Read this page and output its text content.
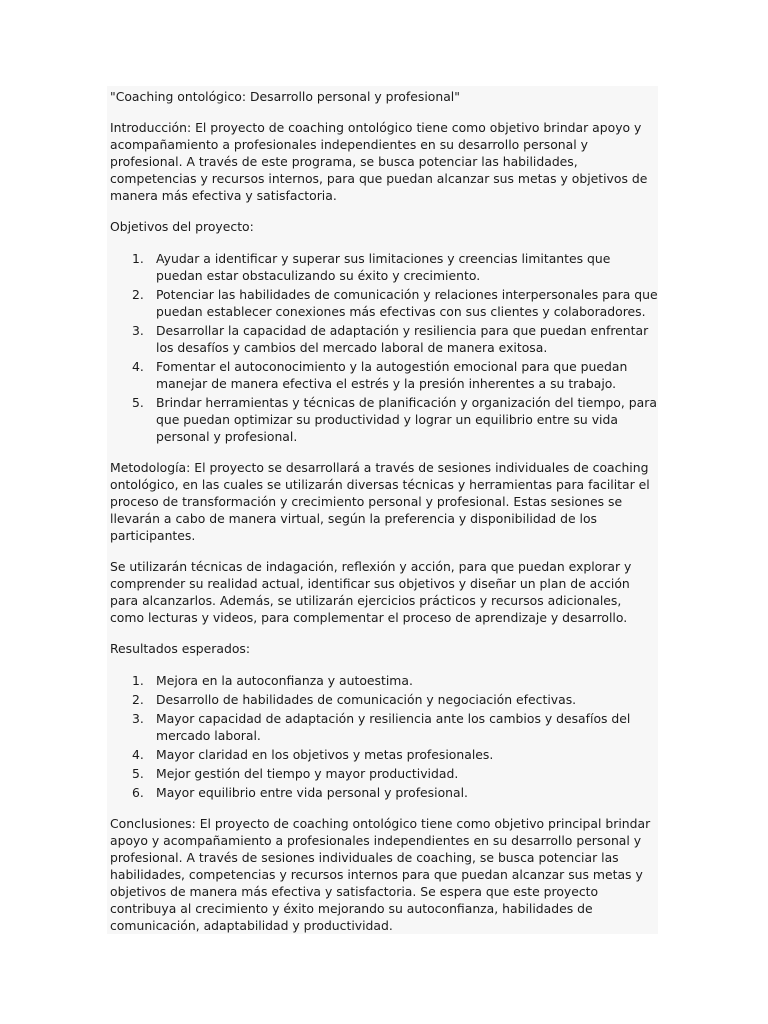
"Coaching ontológico: Desarrollo personal y profesional"

Introducción: El proyecto de coaching ontológico tiene como objetivo brindar apoyo y acompañamiento a profesionales independientes en su desarrollo personal y profesional. A través de este programa, se busca potenciar las habilidades, competencias y recursos internos, para que puedan alcanzar sus metas y objetivos de manera más efectiva y satisfactoria.

Objetivos del proyecto:

1. Ayudar a identificar y superar sus limitaciones y creencias limitantes que puedan estar obstaculizando su éxito y crecimiento.
2. Potenciar las habilidades de comunicación y relaciones interpersonales para que puedan establecer conexiones más efectivas con sus clientes y colaboradores.
3. Desarrollar la capacidad de adaptación y resiliencia para que puedan enfrentar los desafíos y cambios del mercado laboral de manera exitosa.
4. Fomentar el autoconocimiento y la autogestión emocional para que puedan manejar de manera efectiva el estrés y la presión inherentes a su trabajo.
5. Brindar herramientas y técnicas de planificación y organización del tiempo, para que puedan optimizar su productividad y lograr un equilibrio entre su vida personal y profesional.

Metodología: El proyecto se desarrollará a través de sesiones individuales de coaching ontológico, en las cuales se utilizarán diversas técnicas y herramientas para facilitar el proceso de transformación y crecimiento personal y profesional. Estas sesiones se llevarán a cabo de manera virtual, según la preferencia y disponibilidad de los participantes.

Se utilizarán técnicas de indagación, reflexión y acción, para que puedan explorar y comprender su realidad actual, identificar sus objetivos y diseñar un plan de acción para alcanzarlos. Además, se utilizarán ejercicios prácticos y recursos adicionales, como lecturas y videos, para complementar el proceso de aprendizaje y desarrollo.

Resultados esperados:

1. Mejora en la autoconfianza y autoestima.
2. Desarrollo de habilidades de comunicación y negociación efectivas.
3. Mayor capacidad de adaptación y resiliencia ante los cambios y desafíos del mercado laboral.
4. Mayor claridad en los objetivos y metas profesionales.
5. Mejor gestión del tiempo y mayor productividad.
6. Mayor equilibrio entre vida personal y profesional.

Conclusiones: El proyecto de coaching ontológico tiene como objetivo principal brindar apoyo y acompañamiento a profesionales independientes en su desarrollo personal y profesional. A través de sesiones individuales de coaching, se busca potenciar las habilidades, competencias y recursos internos para que puedan alcanzar sus metas y objetivos de manera más efectiva y satisfactoria. Se espera que este proyecto contribuya al crecimiento y éxito mejorando su autoconfianza, habilidades de comunicación, adaptabilidad y productividad.
